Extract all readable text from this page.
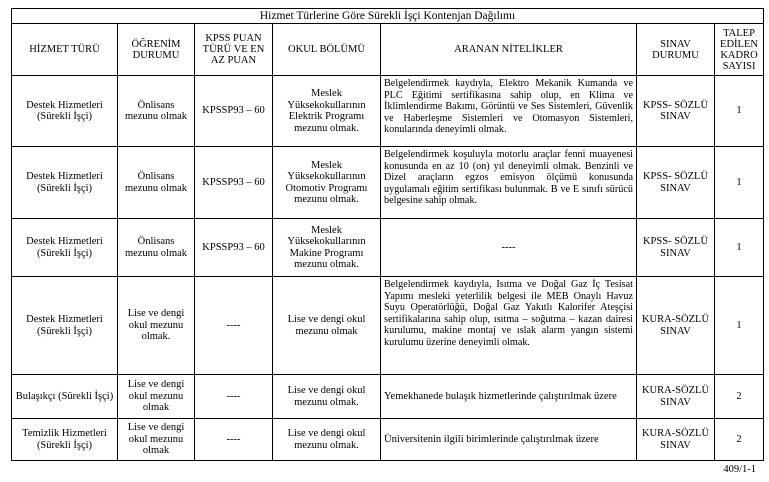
Hizmet Türlerine Göre Sürekli İşçi Kontenjan Dağılımı						
HİZMET TÜRÜ	ÖĞRENİM DURUMU	KPSS PUAN TÜRÜ VE EN AZ PUAN	OKUL BÖLÜMÜ	ARANAN NİTELİKLER	SINAV DURUMU	TALEP EDİLEN KADRO SAYISI
Destek Hizmetleri (Sürekli İşçi)	Önlisans mezunu olmak	KPSSP93 – 60	Meslek Yüksekokullarının Elektrik Programı mezunu olmak.	Belgelendirmek kaydıyla, Elektro Mekanik Kumanda ve PLC Eğitimi sertifikasına sahip olup, en Klima ve İklimlendirme Bakımı, Görüntü ve Ses Sistemleri, Güvenlik ve Haberleşme Sistemleri ve Otomasyon Sistemleri, konularında deneyimli olmak.	KPSS- SÖZLÜ SINAV	1
Destek Hizmetleri (Sürekli İşçi)	Önlisans mezunu olmak	KPSSP93 – 60	Meslek Yüksekokullarının Otomotiv Programı mezunu olmak.	Belgelendirmek koşuluyla motorlu araçlar fenni muayenesi konusunda en az 10 (on) yıl deneyimli olmak. Benzinli ve Dizel araçların egzos emisyon ölçümü konusunda uygulamalı eğitim sertifikası bulunmak. B ve E sınıfı sürücü belgesine sahip olmak.	KPSS- SÖZLÜ SINAV	1
Destek Hizmetleri (Sürekli İşçi)	Önlisans mezunu olmak	KPSSP93 – 60	Meslek Yüksekokullarının Makine Programı mezunu olmak.	----	KPSS- SÖZLÜ SINAV	1
Destek Hizmetleri (Sürekli İşçi)	Lise ve dengi okul mezunu olmak.	----	Lise ve dengi okul mezunu olmak	Belgelendirmek kaydıyla, Isıtma ve Doğal Gaz İç Tesisat Yapımı mesleki yeterlilik belgesi ile MEB Onaylı Havuz Suyu Operatörlüğü, Doğal Gaz Yakıtlı Kalorifer Ateşçisi sertifikalarına sahip olup, ısıtma – soğutma – kazan dairesi kurulumu, makine montaj ve ıslak alarm yangın sistemi kurulumu üzerine deneyimli olmak.	KURA-SÖZLÜ SINAV	1
Bulaşıkçı (Sürekli İşçi)	Lise ve dengi okul mezunu olmak	----	Lise ve dengi okul mezunu olmak.	Yemekhanede bulaşık hizmetlerinde çalıştırılmak üzere	KURA-SÖZLÜ SINAV	2
Temizlik Hizmetleri (Sürekli İşçi)	Lise ve dengi okul mezunu olmak	----	Lise ve dengi okul mezunu olmak.	Üniversitenin ilgili birimlerinde çalıştırılmak üzere	KURA-SÖZLÜ SINAV	2
409/1-1
